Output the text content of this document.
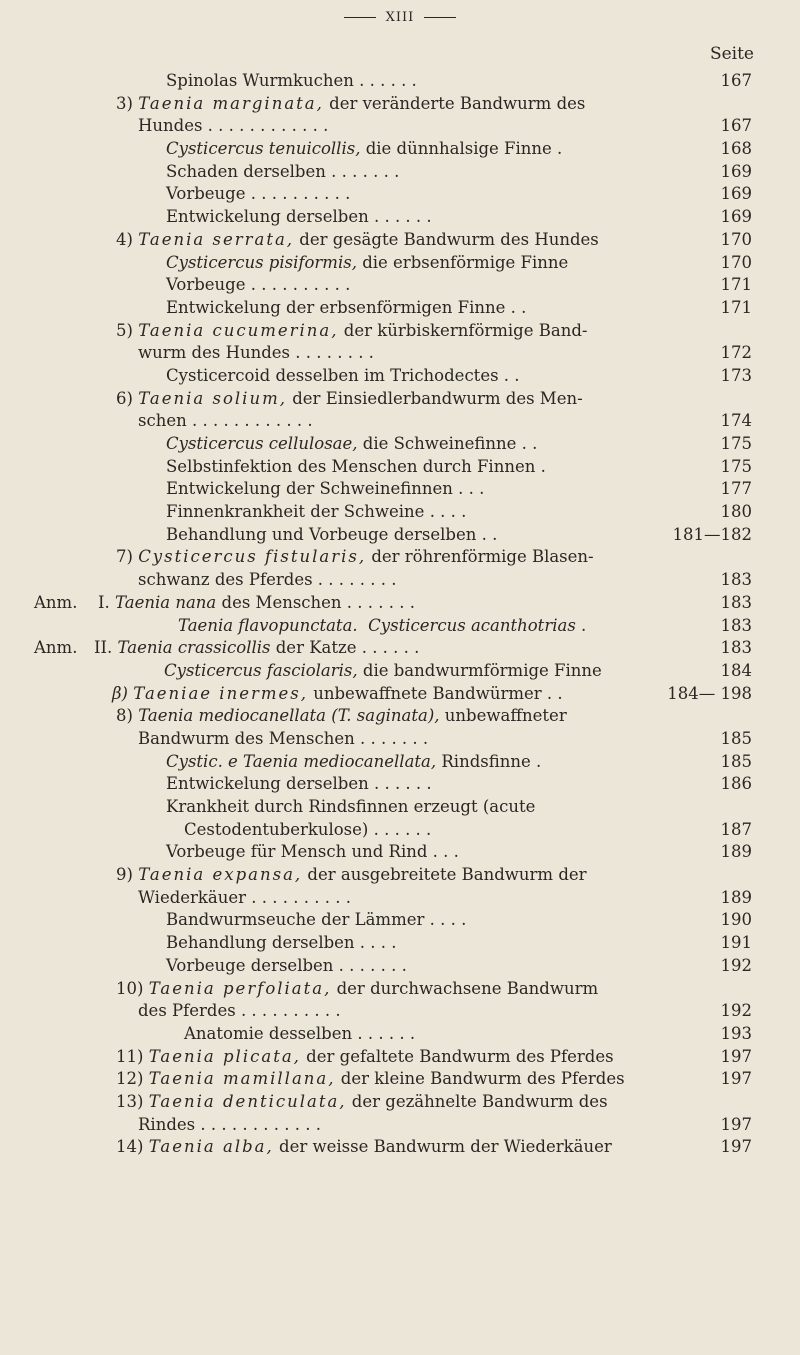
XIII
Seite
Spinolas Wurmkuchen . . . . . .	167
3) Taenia marginata, der veränderte Bandwurm des
Hundes . . . . . . . . . . . .	167
Cysticercus tenuicollis, die dünnhalsige Finne .	168
Schaden derselben . . . . . . .	169
Vorbeuge . . . . . . . . . .	169
Entwickelung derselben . . . . . .	169
4) Taenia serrata, der gesägte Bandwurm des Hundes	170
Cysticercus pisiformis, die erbsenförmige Finne	170
Vorbeuge . . . . . . . . . .	171
Entwickelung der erbsenförmigen Finne . .	171
5) Taenia cucumerina, der kürbiskernförmige Band-
wurm des Hundes . . . . . . . .	172
Cysticercoid desselben im Trichodectes . .	173
6) Taenia solium, der Einsiedlerbandwurm des Men-
schen . . . . . . . . . . . .	174
Cysticercus cellulosae, die Schweinefinne . .	175
Selbstinfektion des Menschen durch Finnen .	175
Entwickelung der Schweinefinnen . . .	177
Finnenkrankheit der Schweine . . . .	180
Behandlung und Vorbeuge derselben . .	181—182
7) Cysticercus fistularis, der röhrenförmige Blasen-
schwanz des Pferdes . . . . . . . .	183
Anm. I. Taenia nana des Menschen . . . . . . .	183
Taenia flavopunctata. Cysticercus acanthotrias .	183
Anm. II. Taenia crassicollis der Katze . . . . . .	183
Cysticercus fasciolaris, die bandwurmförmige Finne	184
β) Taeniae inermes, unbewaffnete Bandwürmer . .	184— 198
8) Taenia mediocanellata (T. saginata), unbewaffneter
Bandwurm des Menschen . . . . . . .	185
Cystic. e Taenia mediocanellata, Rindsfinne .	185
Entwickelung derselben . . . . . .	186
Krankheit durch Rindsfinnen erzeugt (acute
Cestodentuberkulose) . . . . . .	187
Vorbeuge für Mensch und Rind . . .	189
9) Taenia expansa, der ausgebreitete Bandwurm der
Wiederkäuer . . . . . . . . . .	189
Bandwurmseuche der Lämmer . . . .	190
Behandlung derselben . . . .	191
Vorbeuge derselben . . . . . . .	192
10) Taenia perfoliata, der durchwachsene Bandwurm
des Pferdes . . . . . . . . . .	192
Anatomie desselben . . . . . .	193
11) Taenia plicata, der gefaltete Bandwurm des Pferdes	197
12) Taenia mamillana, der kleine Bandwurm des Pferdes	197
13) Taenia denticulata, der gezähnelte Bandwurm des
Rindes . . . . . . . . . . . .	197
14) Taenia alba, der weisse Bandwurm der Wiederkäuer	197
